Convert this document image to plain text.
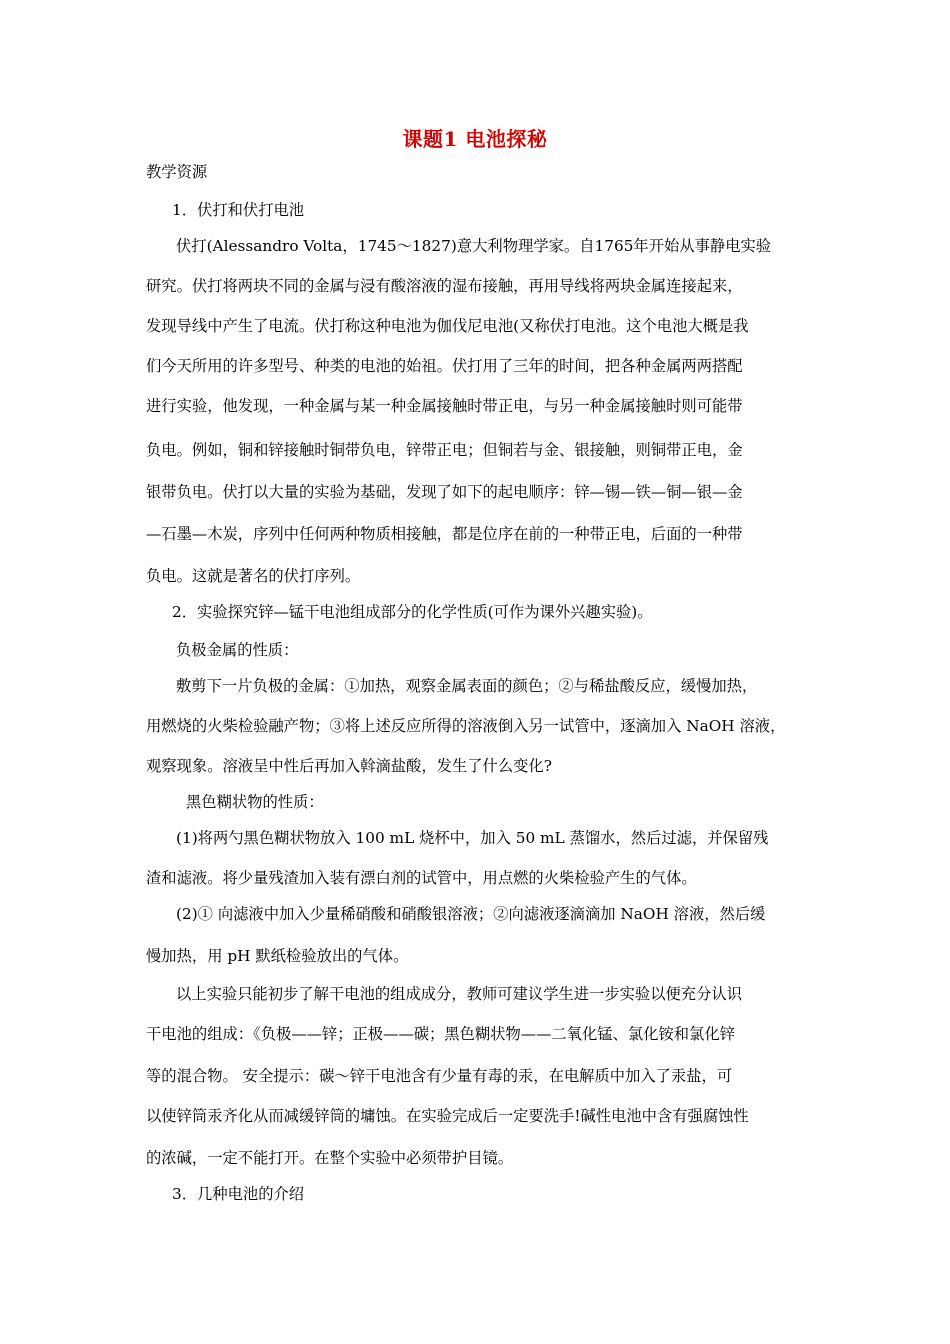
课题1 电池探秘
教学资源
1．伏打和伏打电池
伏打(Alessandro Volta，1745～1827)意大利物理学家。自1765年开始从事静电实验
研究。伏打将两块不同的金属与浸有酸溶液的湿布接触，再用导线将两块金属连接起来，
发现导线中产生了电流。伏打称这种电池为伽伐尼电池(又称伏打电池。这个电池大概是我
们今天所用的许多型号、种类的电池的始祖。伏打用了三年的时间，把各种金属两两搭配
进行实验，他发现，一种金属与某一种金属接触时带正电，与另一种金属接触时则可能带
负电。例如，铜和锌接触时铜带负电，锌带正电；但铜若与金、银接触，则铜带正电，金
银带负电。伏打以大量的实验为基础，发现了如下的起电顺序：锌—锡—铁—铜—银—金
—石墨—木炭，序列中任何两种物质相接触，都是位序在前的一种带正电，后面的一种带
负电。这就是著名的伏打序列。
2．实验探究锌—锰干电池组成部分的化学性质(可作为课外兴趣实验)。
负极金属的性质：
敷剪下一片负极的金属：①加热，观察金属表面的颜色；②与稀盐酸反应，缓慢加热，
用燃烧的火柴检验融产物；③将上述反应所得的溶液倒入另一试管中，逐滴加入 NaOH 溶液，
观察现象。溶液呈中性后再加入斡滴盐酸，发生了什么变化?
黑色糊状物的性质：
(1)将两勺黑色糊状物放入 100 mL 烧杯中，加入 50 mL 蒸馏水，然后过滤，并保留残
渣和滤液。将少量残渣加入装有漂白剂的试管中，用点燃的火柴检验产生的气体。
(2)① 向滤液中加入少量稀硝酸和硝酸银溶液；②向滤液逐滴滴加 NaOH 溶液，然后缓
慢加热，用 pH 默纸检验放出的气体。
以上实验只能初步了解干电池的组成成分，教师可建议学生进一步实验以便充分认识
干电池的组成：《负极——锌；正极——碳；黑色糊状物——二氧化锰、氯化铵和氯化锌
等的混合物。 安全提示：碳～锌干电池含有少量有毒的汞，在电解质中加入了汞盐，可
以使锌筒汞齐化从而减缓锌筒的墉蚀。在实验完成后一定要洗手!碱性电池中含有强腐蚀性
的浓碱，一定不能打开。在整个实验中必须带护目镜。
3．几种电池的介绍
